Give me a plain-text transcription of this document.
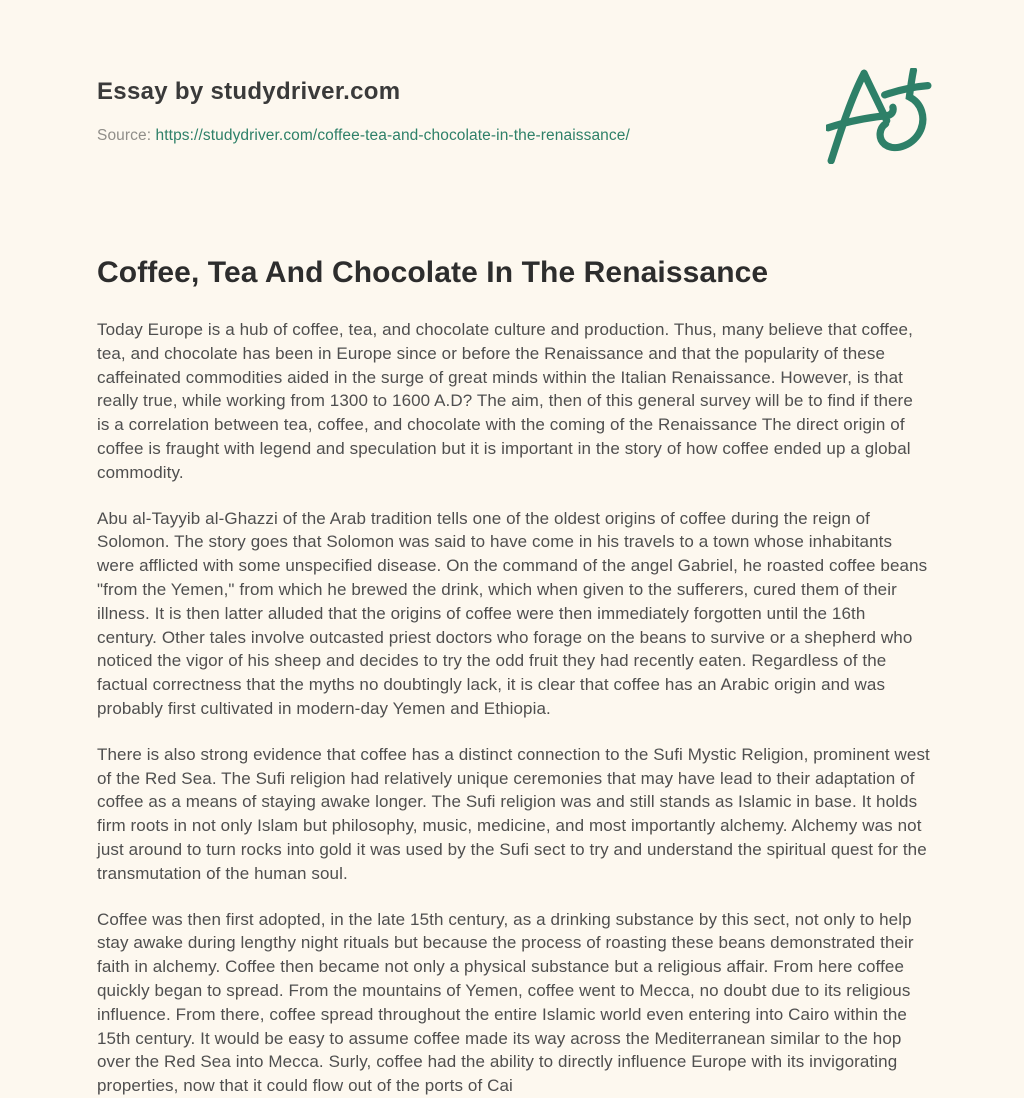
Essay by studydriver.com
Source: https://studydriver.com/coffee-tea-and-chocolate-in-the-renaissance/
Coffee, Tea And Chocolate In The Renaissance

Today Europe is a hub of coffee, tea, and chocolate culture and production. Thus, many believe that coffee, tea, and chocolate has been in Europe since or before the Renaissance and that the popularity of these caffeinated commodities aided in the surge of great minds within the Italian Renaissance. However, is that really true, while working from 1300 to 1600 A.D? The aim, then of this general survey will be to find if there is a correlation between tea, coffee, and chocolate with the coming of the Renaissance The direct origin of coffee is fraught with legend and speculation but it is important in the story of how coffee ended up a global commodity.

Abu al-Tayyib al-Ghazzi of the Arab tradition tells one of the oldest origins of coffee during the reign of Solomon. The story goes that Solomon was said to have come in his travels to a town whose inhabitants were afflicted with some unspecified disease. On the command of the angel Gabriel, he roasted coffee beans "from the Yemen," from which he brewed the drink, which when given to the sufferers, cured them of their illness. It is then latter alluded that the origins of coffee were then immediately forgotten until the 16th century. Other tales involve outcasted priest doctors who forage on the beans to survive or a shepherd who noticed the vigor of his sheep and decides to try the odd fruit they had recently eaten. Regardless of the factual correctness that the myths no doubtingly lack, it is clear that coffee has an Arabic origin and was probably first cultivated in modern-day Yemen and Ethiopia.

There is also strong evidence that coffee has a distinct connection to the Sufi Mystic Religion, prominent west of the Red Sea. The Sufi religion had relatively unique ceremonies that may have lead to their adaptation of coffee as a means of staying awake longer. The Sufi religion was and still stands as Islamic in base. It holds firm roots in not only Islam but philosophy, music, medicine, and most importantly alchemy. Alchemy was not just around to turn rocks into gold it was used by the Sufi sect to try and understand the spiritual quest for the transmutation of the human soul.

Coffee was then first adopted, in the late 15th century, as a drinking substance by this sect, not only to help stay awake during lengthy night rituals but because the process of roasting these beans demonstrated their faith in alchemy. Coffee then became not only a physical substance but a religious affair. From here coffee quickly began to spread. From the mountains of Yemen, coffee went to Mecca, no doubt due to its religious influence. From there, coffee spread throughout the entire Islamic world even entering into Cairo within the 15th century. It would be easy to assume coffee made its way across the Mediterranean similar to the hop over the Red Sea into Mecca. Surly, coffee had the ability to directly influence Europe with its invigorating properties, now that it could flow out of the ports of Cai
